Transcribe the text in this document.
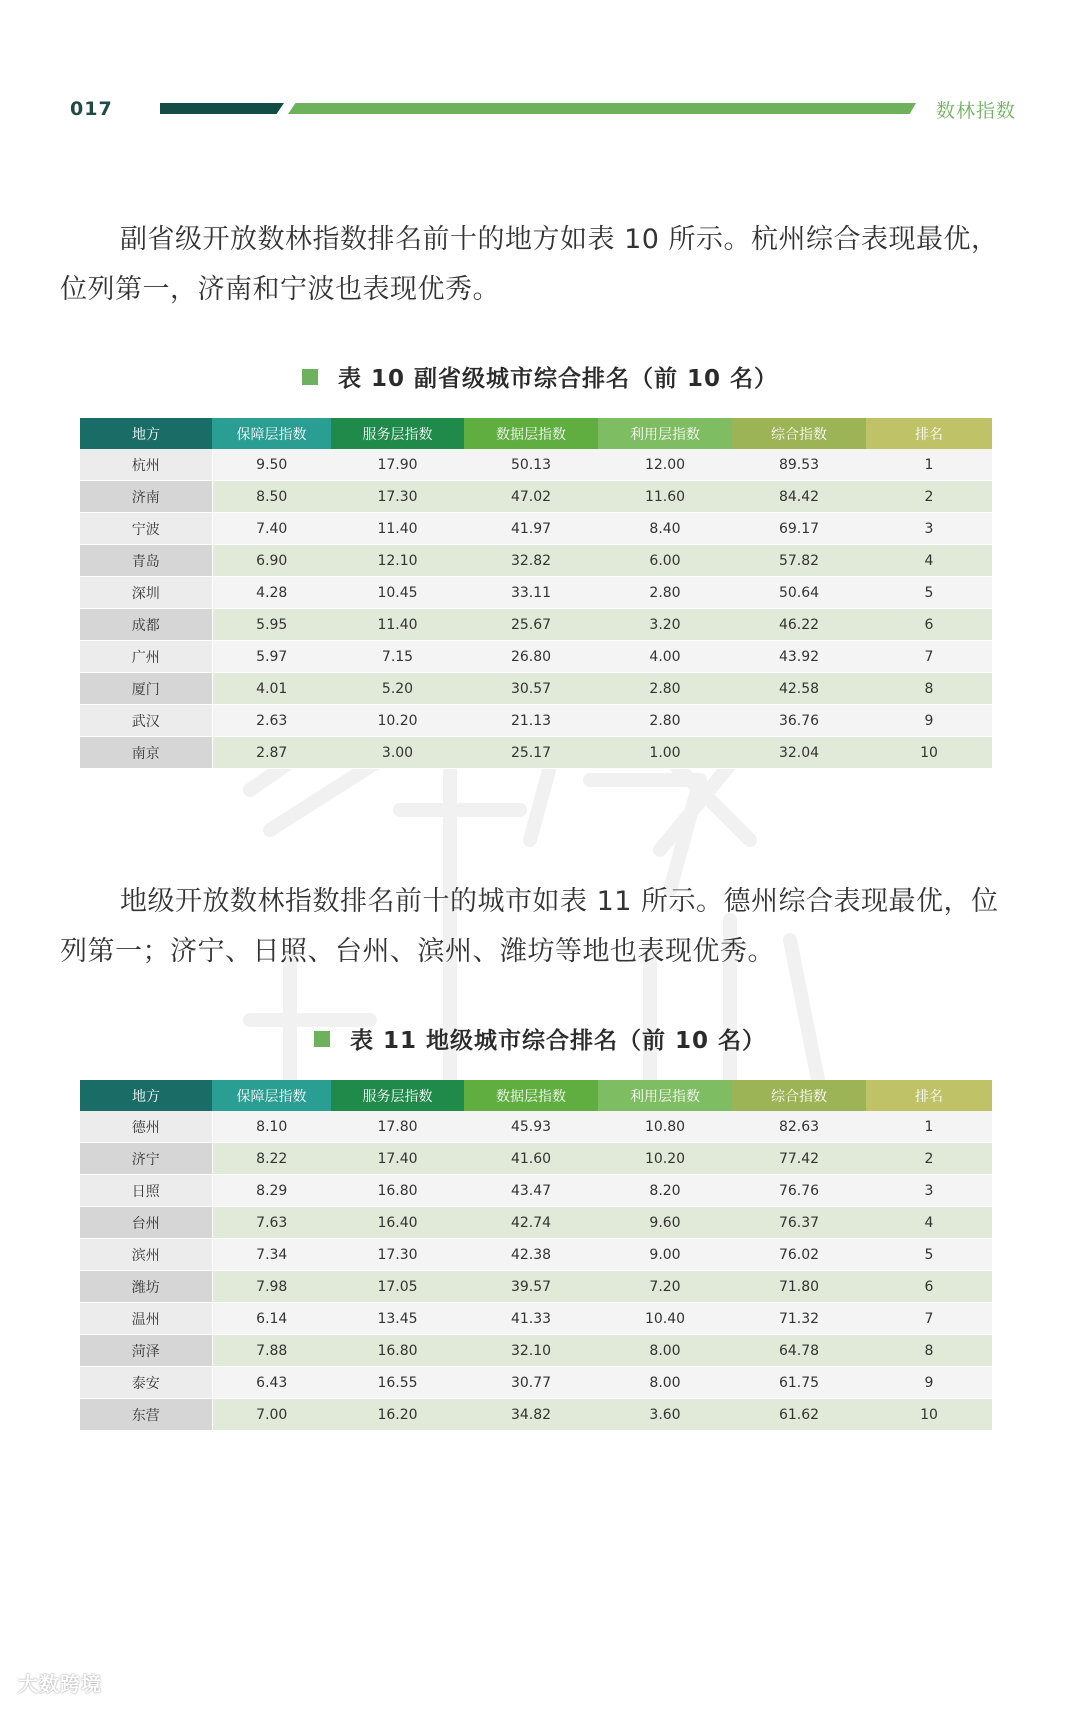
017	数林指数

副省级开放数林指数排名前十的地方如表 10 所示。杭州综合表现最优，位列第一，济南和宁波也表现优秀。

表 10 副省级城市综合排名（前 10 名）
地方	保障层指数	服务层指数	数据层指数	利用层指数	综合指数	排名
杭州	9.50	17.90	50.13	12.00	89.53	1
济南	8.50	17.30	47.02	11.60	84.42	2
宁波	7.40	11.40	41.97	8.40	69.17	3
青岛	6.90	12.10	32.82	6.00	57.82	4
深圳	4.28	10.45	33.11	2.80	50.64	5
成都	5.95	11.40	25.67	3.20	46.22	6
广州	5.97	7.15	26.80	4.00	43.92	7
厦门	4.01	5.20	30.57	2.80	42.58	8
武汉	2.63	10.20	21.13	2.80	36.76	9
南京	2.87	3.00	25.17	1.00	32.04	10

地级开放数林指数排名前十的城市如表 11 所示。德州综合表现最优，位列第一；济宁、日照、台州、滨州、潍坊等地也表现优秀。

表 11 地级城市综合排名（前 10 名）
地方	保障层指数	服务层指数	数据层指数	利用层指数	综合指数	排名
德州	8.10	17.80	45.93	10.80	82.63	1
济宁	8.22	17.40	41.60	10.20	77.42	2
日照	8.29	16.80	43.47	8.20	76.76	3
台州	7.63	16.40	42.74	9.60	76.37	4
滨州	7.34	17.30	42.38	9.00	76.02	5
潍坊	7.98	17.05	39.57	7.20	71.80	6
温州	6.14	13.45	41.33	10.40	71.32	7
菏泽	7.88	16.80	32.10	8.00	64.78	8
泰安	6.43	16.55	30.77	8.00	61.75	9
东营	7.00	16.20	34.82	3.60	61.62	10
大数跨境
